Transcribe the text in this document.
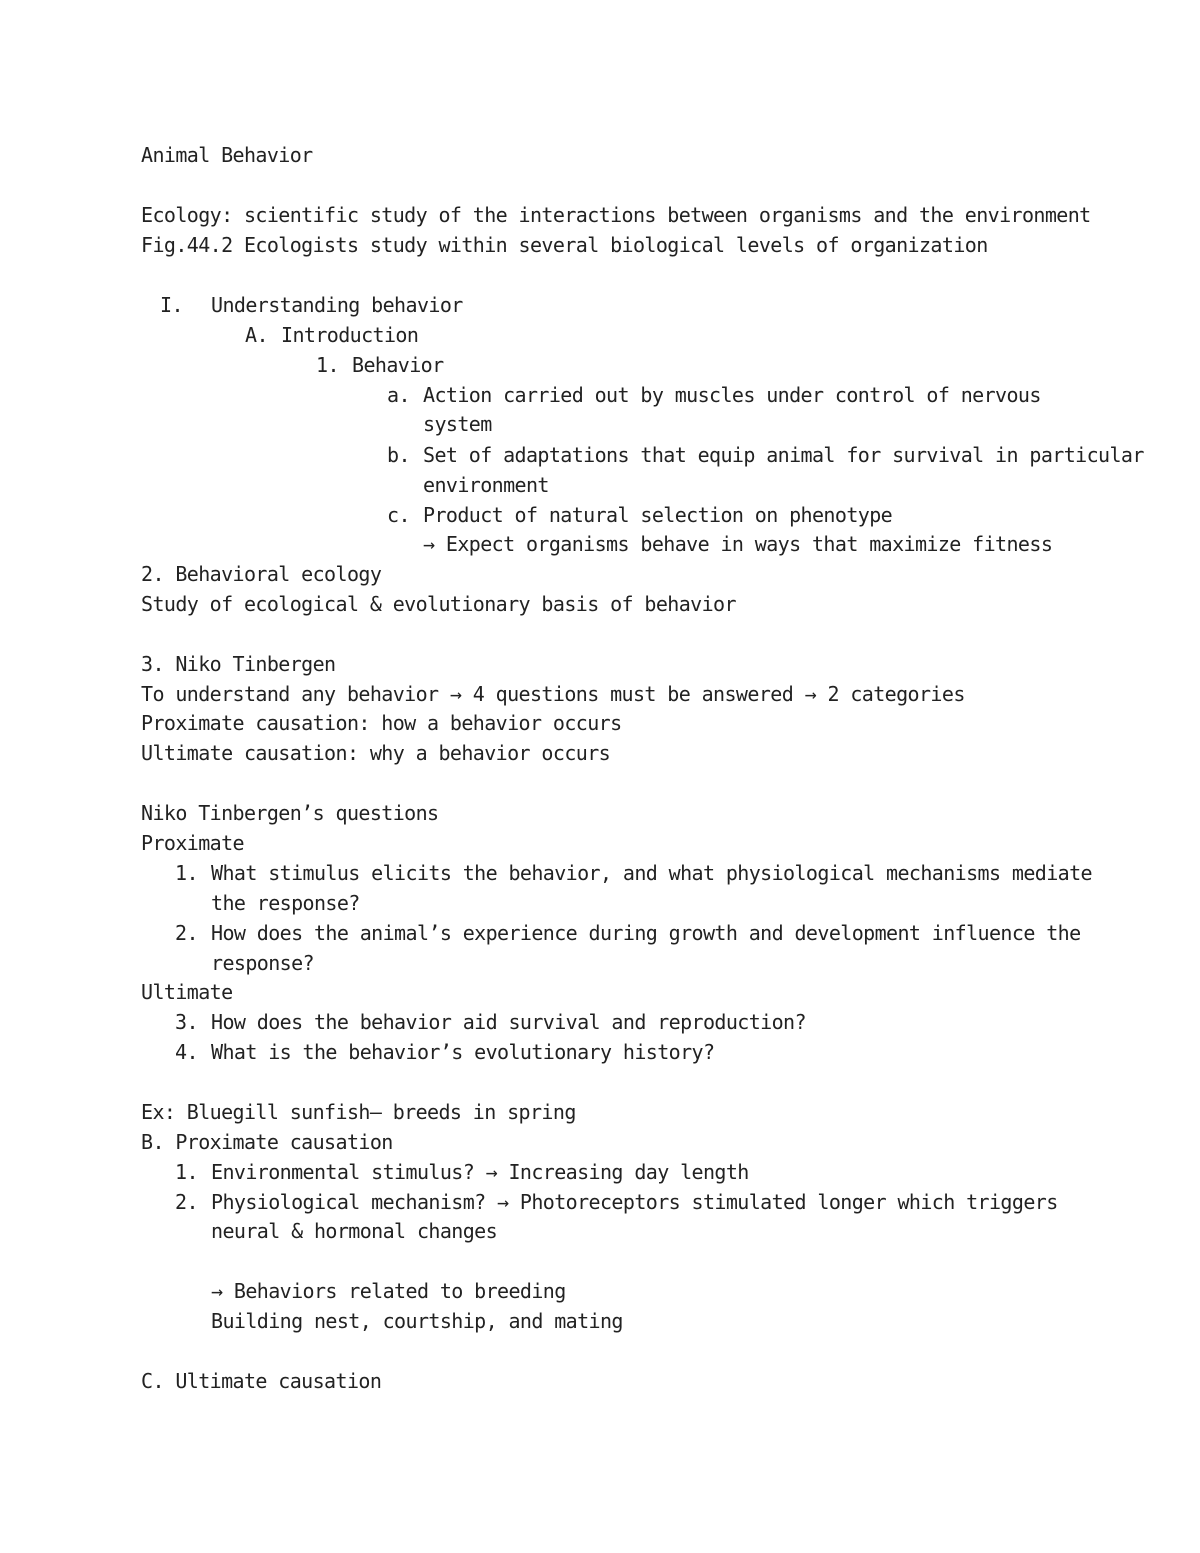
Animal Behavior
Ecology: scientific study of the interactions between organisms and the environment
Fig.44.2 Ecologists study within several biological levels of organization
I. Understanding behavior
A. Introduction
1. Behavior
a. Action carried out by muscles under control of nervous
system
b. Set of adaptations that equip animal for survival in particular
environment
c. Product of natural selection on phenotype
→ Expect organisms behave in ways that maximize fitness
2. Behavioral ecology
Study of ecological & evolutionary basis of behavior
3. Niko Tinbergen
To understand any behavior → 4 questions must be answered → 2 categories
Proximate causation: how a behavior occurs
Ultimate causation: why a behavior occurs
Niko Tinbergen’s questions
Proximate
1. What stimulus elicits the behavior, and what physiological mechanisms mediate
the response?
2. How does the animal’s experience during growth and development influence the
response?
Ultimate
3. How does the behavior aid survival and reproduction?
4. What is the behavior’s evolutionary history?
Ex: Bluegill sunfish– breeds in spring
B. Proximate causation
1. Environmental stimulus? → Increasing day length
2. Physiological mechanism? → Photoreceptors stimulated longer which triggers
neural & hormonal changes
→ Behaviors related to breeding
Building nest, courtship, and mating
C. Ultimate causation
